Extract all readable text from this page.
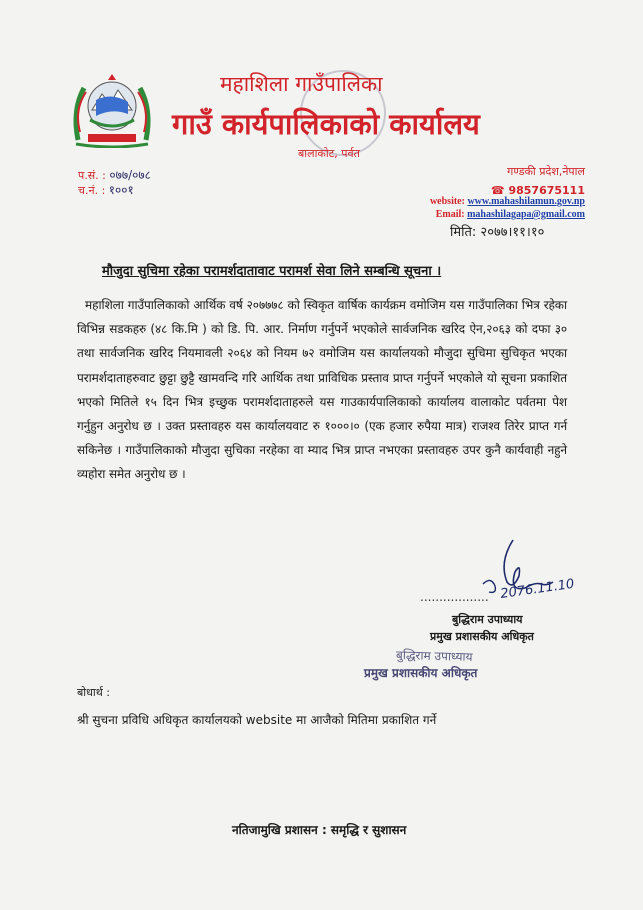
महाशिला गाउँपालिका
गाउँ कार्यपालिकाको कार्यालय
बालाकोट, पर्वत
प.सं. : ०७७/०७८
च.नं. : १००१
गण्डकी प्रदेश,नेपाल
☎ 9857675111
website: www.mahashilamun.gov.np
Email: mahashilagapa@gmail.com
मिति: २०७७।११।१०
मौजुदा सुचिमा रहेका परामर्शदातावाट परामर्श सेवा लिने सम्बन्धि सूचना ।
महाशिला गाउँपालिकाको आर्थिक वर्ष २०७७७८ को स्विकृत वार्षिक कार्यक्रम वमोजिम यस गाउँपालिका भित्र रहेका विभिन्न सडकहरु (४८ कि.मि ) को डि. पि. आर. निर्माण गर्नुपर्ने भएकोले सार्वजनिक खरिद ऐन,२०६३ को दफा ३० तथा सार्वजनिक खरिद नियमावली २०६४ को नियम ७२ वमोजिम यस कार्यालयको मौजुदा सुचिमा सुचिकृत भएका परामर्शदाताहरुवाट छुट्टा छुट्टै खामवन्दि गरि आर्थिक तथा प्राविधिक प्रस्ताव प्राप्त गर्नुपर्ने भएकोले यो सूचना प्रकाशित भएको मितिले १५ दिन भित्र इच्छुक परामर्शदाताहरुले यस गाउकार्यपालिकाको कार्यालय वालाकोट पर्वतमा पेश गर्नुहुन अनुरोध छ । उक्त प्रस्तावहरु यस कार्यालयवाट रु १०००।० (एक हजार रुपैया मात्र) राजश्व तिरेर प्राप्त गर्न सकिनेछ । गाउँपालिकाको मौजुदा सुचिका नरहेका वा म्याद भित्र प्राप्त नभएका प्रस्तावहरु उपर कुनै कार्यवाही नहुने व्यहोरा समेत अनुरोध छ ।
2076.11.10
..................
बुद्धिराम उपाध्याय
प्रमुख प्रशासकीय अधिकृत
बुद्धिराम उपाध्याय
प्रमुख प्रशासकीय अधिकृत
बोधार्थ :
श्री सुचना प्रविधि अधिकृत कार्यालयको website मा आजैको मितिमा प्रकाशित गर्ने
नतिजामुखि प्रशासन : समृद्धि र सुशासन
